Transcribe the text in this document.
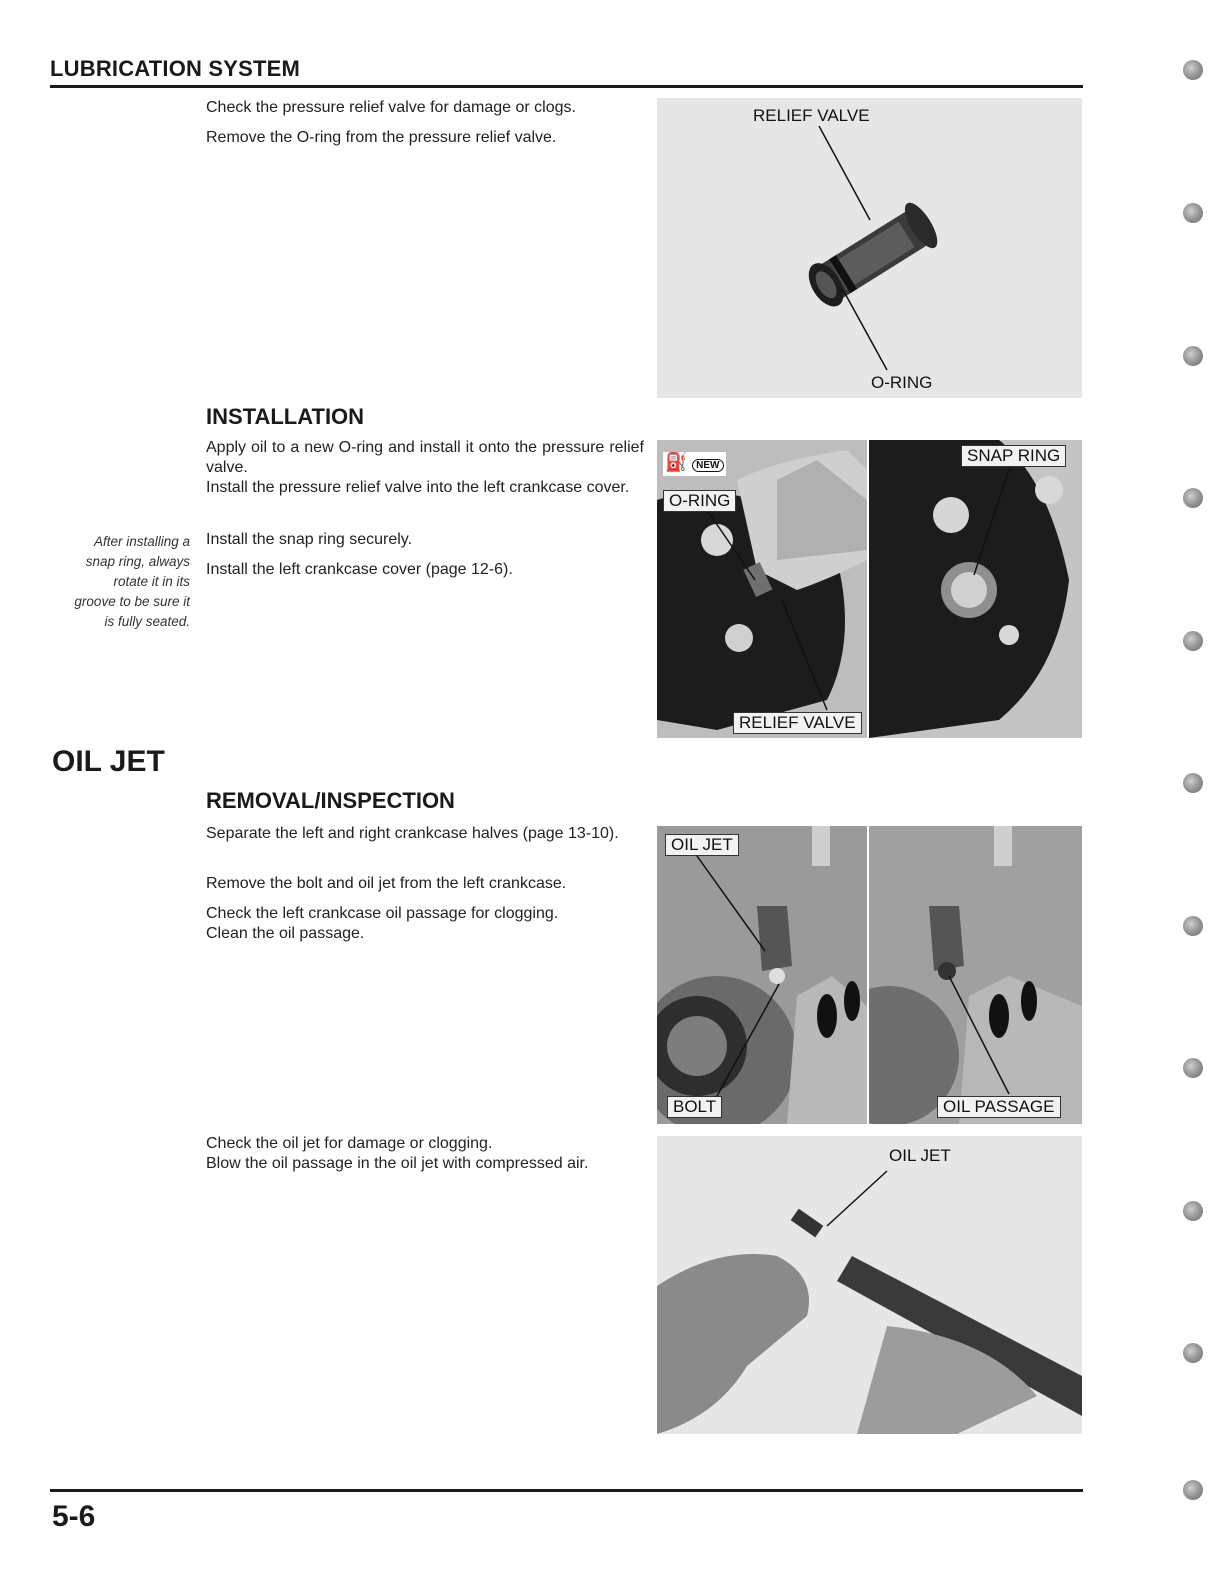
LUBRICATION SYSTEM
Check the pressure relief valve for damage or clogs.
Remove the O-ring from the pressure relief valve.
RELIEF VALVE
O-RING
INSTALLATION
Apply oil to a new O-ring and install it onto the pressure relief valve.
Install the pressure relief valve into the left crankcase cover.
Install the snap ring securely.
Install the left crankcase cover (page 12-6).
After installing a
snap ring, always
rotate it in its
groove to be sure it
is fully seated.
⛽ NEW
O-RING
RELIEF VALVE
SNAP RING
OIL JET
REMOVAL/INSPECTION
Separate the left and right crankcase halves (page 13-10).
Remove the bolt and oil jet from the left crankcase.
Check the left crankcase oil passage for clogging.
Clean the oil passage.
OIL JET
BOLT	OIL PASSAGE
Check the oil jet for damage or clogging.
Blow the oil passage in the oil jet with compressed air.	OIL JET
5-6
